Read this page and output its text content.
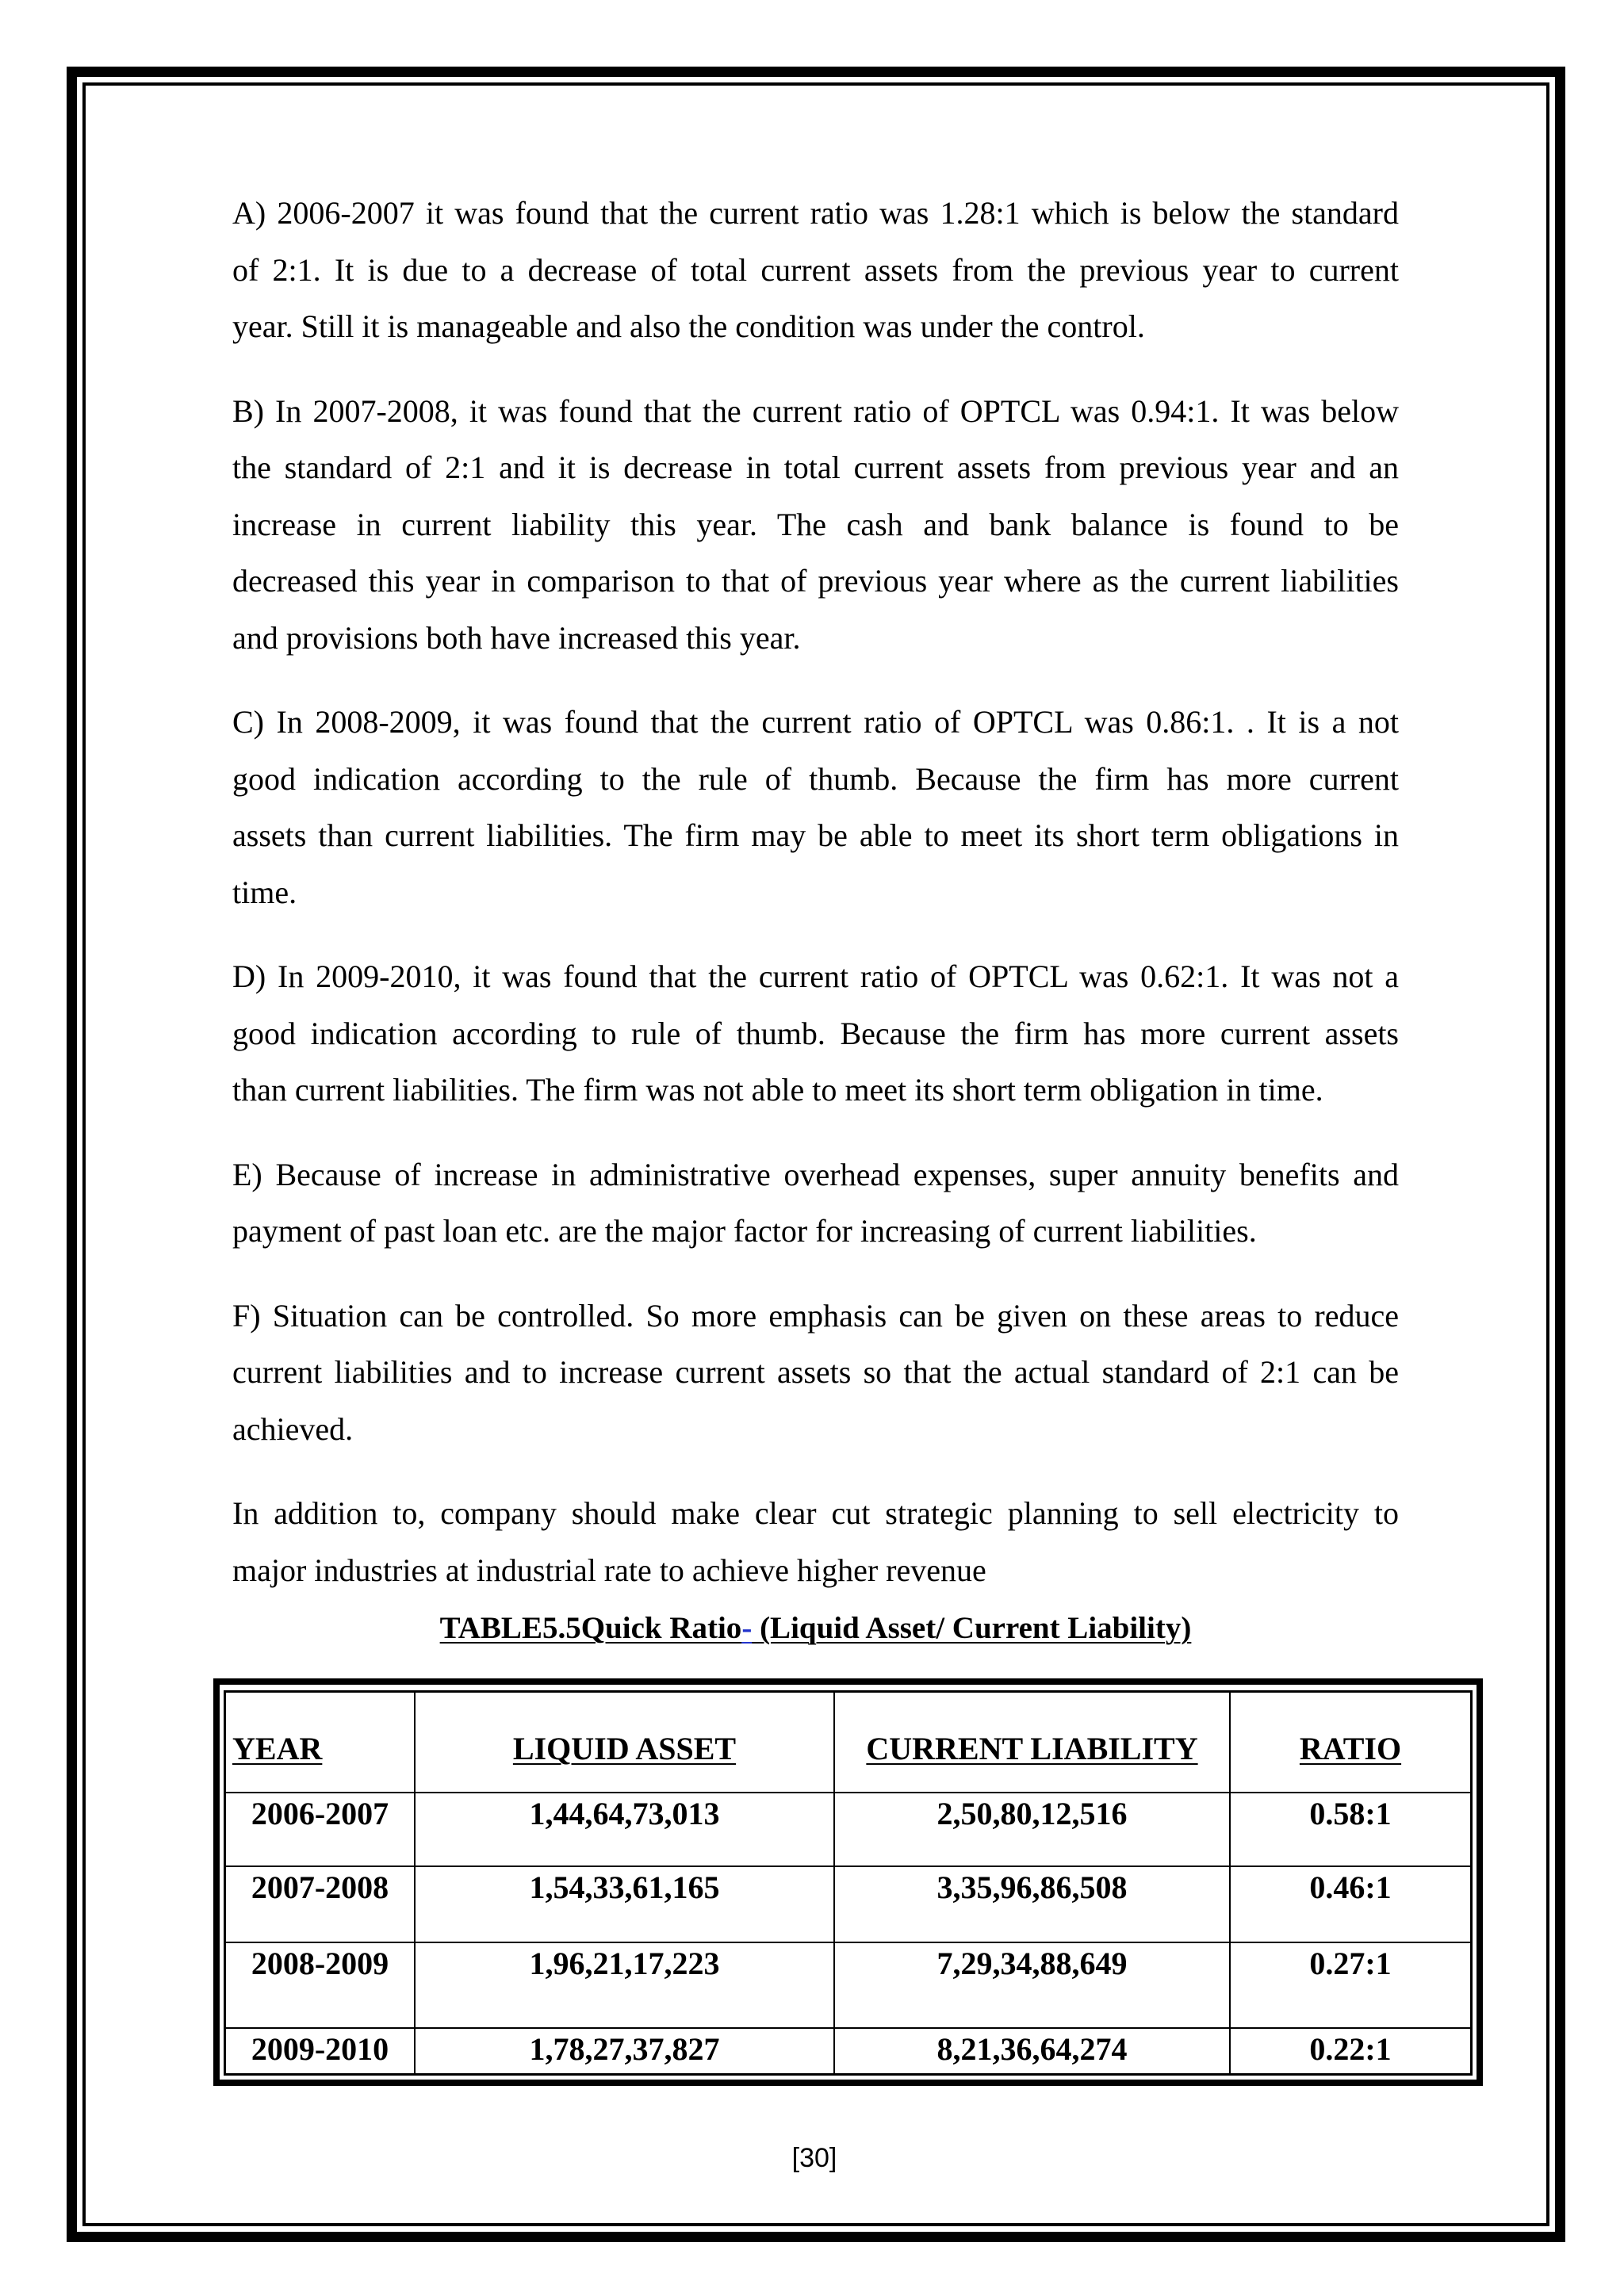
A) 2006-2007 it was found that the current ratio was 1.28:1 which is below the standard
of 2:1. It is due to a decrease of total current assets from the previous year to current
year. Still it is manageable and also the condition was under the control.
B) In 2007-2008, it was found that the current ratio of OPTCL was 0.94:1. It was below
the standard of 2:1 and it is decrease in total current assets from previous year and an
increase in current liability this year. The cash and bank balance is found to be
decreased this year in comparison to that of previous year where as the current liabilities
and provisions both have increased this year.
C) In 2008-2009, it was found that the current ratio of OPTCL was 0.86:1. . It is a not
good indication according to the rule of thumb. Because the firm has more current
assets than current liabilities. The firm may be able to meet its short term obligations in
time.
D) In 2009-2010, it was found that the current ratio of OPTCL was 0.62:1. It was not a
good indication according to rule of thumb. Because the firm has more current assets
than current liabilities. The firm was not able to meet its short term obligation in time.
E) Because of increase in administrative overhead expenses, super annuity benefits and
payment of past loan etc. are the major factor for increasing of current liabilities.
F) Situation can be controlled. So more emphasis can be given on these areas to reduce
current liabilities and to increase current assets so that the actual standard of 2:1 can be
achieved.
In addition to, company should make clear cut strategic planning to sell electricity to
major industries at industrial rate to achieve higher revenue
TABLE5.5Quick Ratio- (Liquid Asset/ Current Liability)
YEAR	LIQUID ASSET	CURRENT LIABILITY	RATIO
2006-2007	1,44,64,73,013	2,50,80,12,516	0.58:1
2007-2008	1,54,33,61,165	3,35,96,86,508	0.46:1
2008-2009	1,96,21,17,223	7,29,34,88,649	0.27:1
2009-2010	1,78,27,37,827	8,21,36,64,274	0.22:1
[30]
